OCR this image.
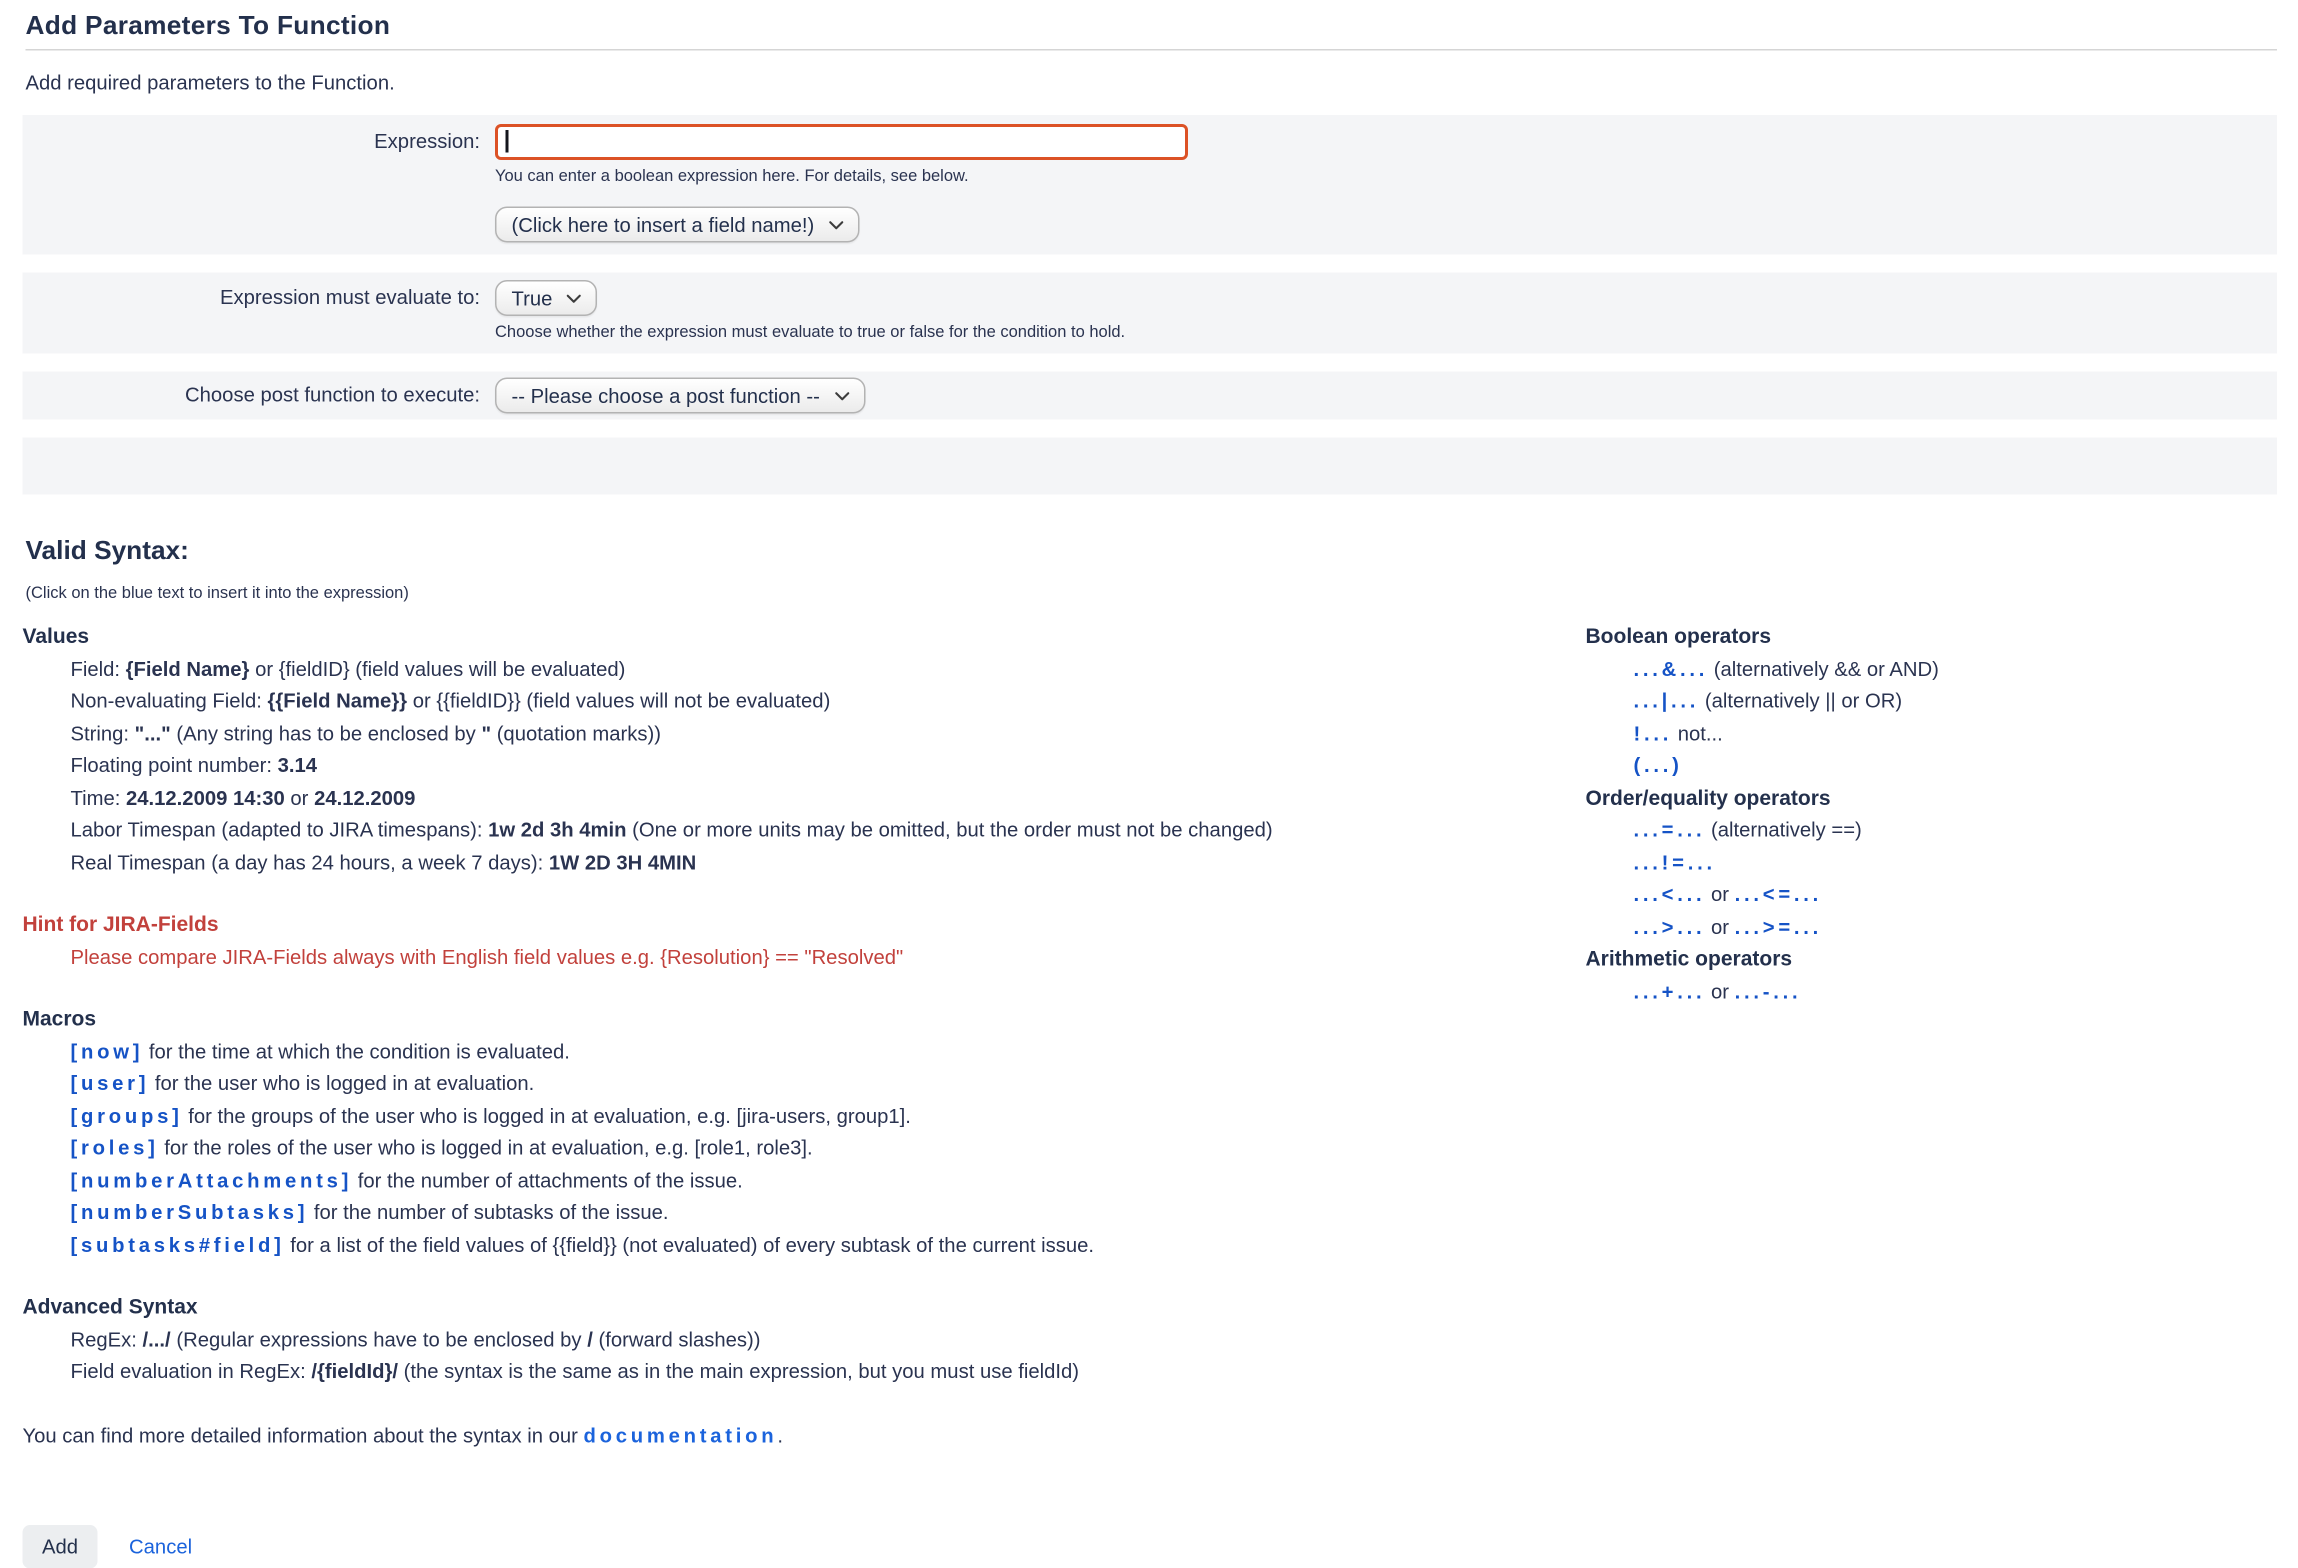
Add Parameters To Function
Add required parameters to the Function.
Expression:
You can enter a boolean expression here. For details, see below.
(Click here to insert a field name!)
Expression must evaluate to: True
Choose whether the expression must evaluate to true or false for the condition to hold.
Choose post function to execute: -- Please choose a post function --
Valid Syntax:
(Click on the blue text to insert it into the expression)
Values
Field: {Field Name} or {fieldID} (field values will be evaluated)
Non-evaluating Field: {{Field Name}} or {{fieldID}} (field values will not be evaluated)
String: "..." (Any string has to be enclosed by " (quotation marks))
Floating point number: 3.14
Time: 24.12.2009 14:30 or 24.12.2009
Labor Timespan (adapted to JIRA timespans): 1w 2d 3h 4min (One or more units may be omitted, but the order must not be changed)
Real Timespan (a day has 24 hours, a week 7 days): 1W 2D 3H 4MIN
Hint for JIRA-Fields
Please compare JIRA-Fields always with English field values e.g. {Resolution} == "Resolved"
Macros
[now] for the time at which the condition is evaluated.
[user] for the user who is logged in at evaluation.
[groups] for the groups of the user who is logged in at evaluation, e.g. [jira-users, group1].
[roles] for the roles of the user who is logged in at evaluation, e.g. [role1, role3].
[numberAttachments] for the number of attachments of the issue.
[numberSubtasks] for the number of subtasks of the issue.
[subtasks#field] for a list of the field values of {{field}} (not evaluated) of every subtask of the current issue.
Advanced Syntax
RegEx: /.../ (Regular expressions have to be enclosed by / (forward slashes))
Field evaluation in RegEx: /{fieldId}/ (the syntax is the same as in the main expression, but you must use fieldId)
Boolean operators
...&... (alternatively && or AND)
...|... (alternatively || or OR)
!... not...
(...)
Order/equality operators
...=... (alternatively ==)
...!=...
...<... or ...<=...
...>... or ...>=...
Arithmetic operators
...+... or ...-...
You can find more detailed information about the syntax in our documentation.
Add	Cancel
